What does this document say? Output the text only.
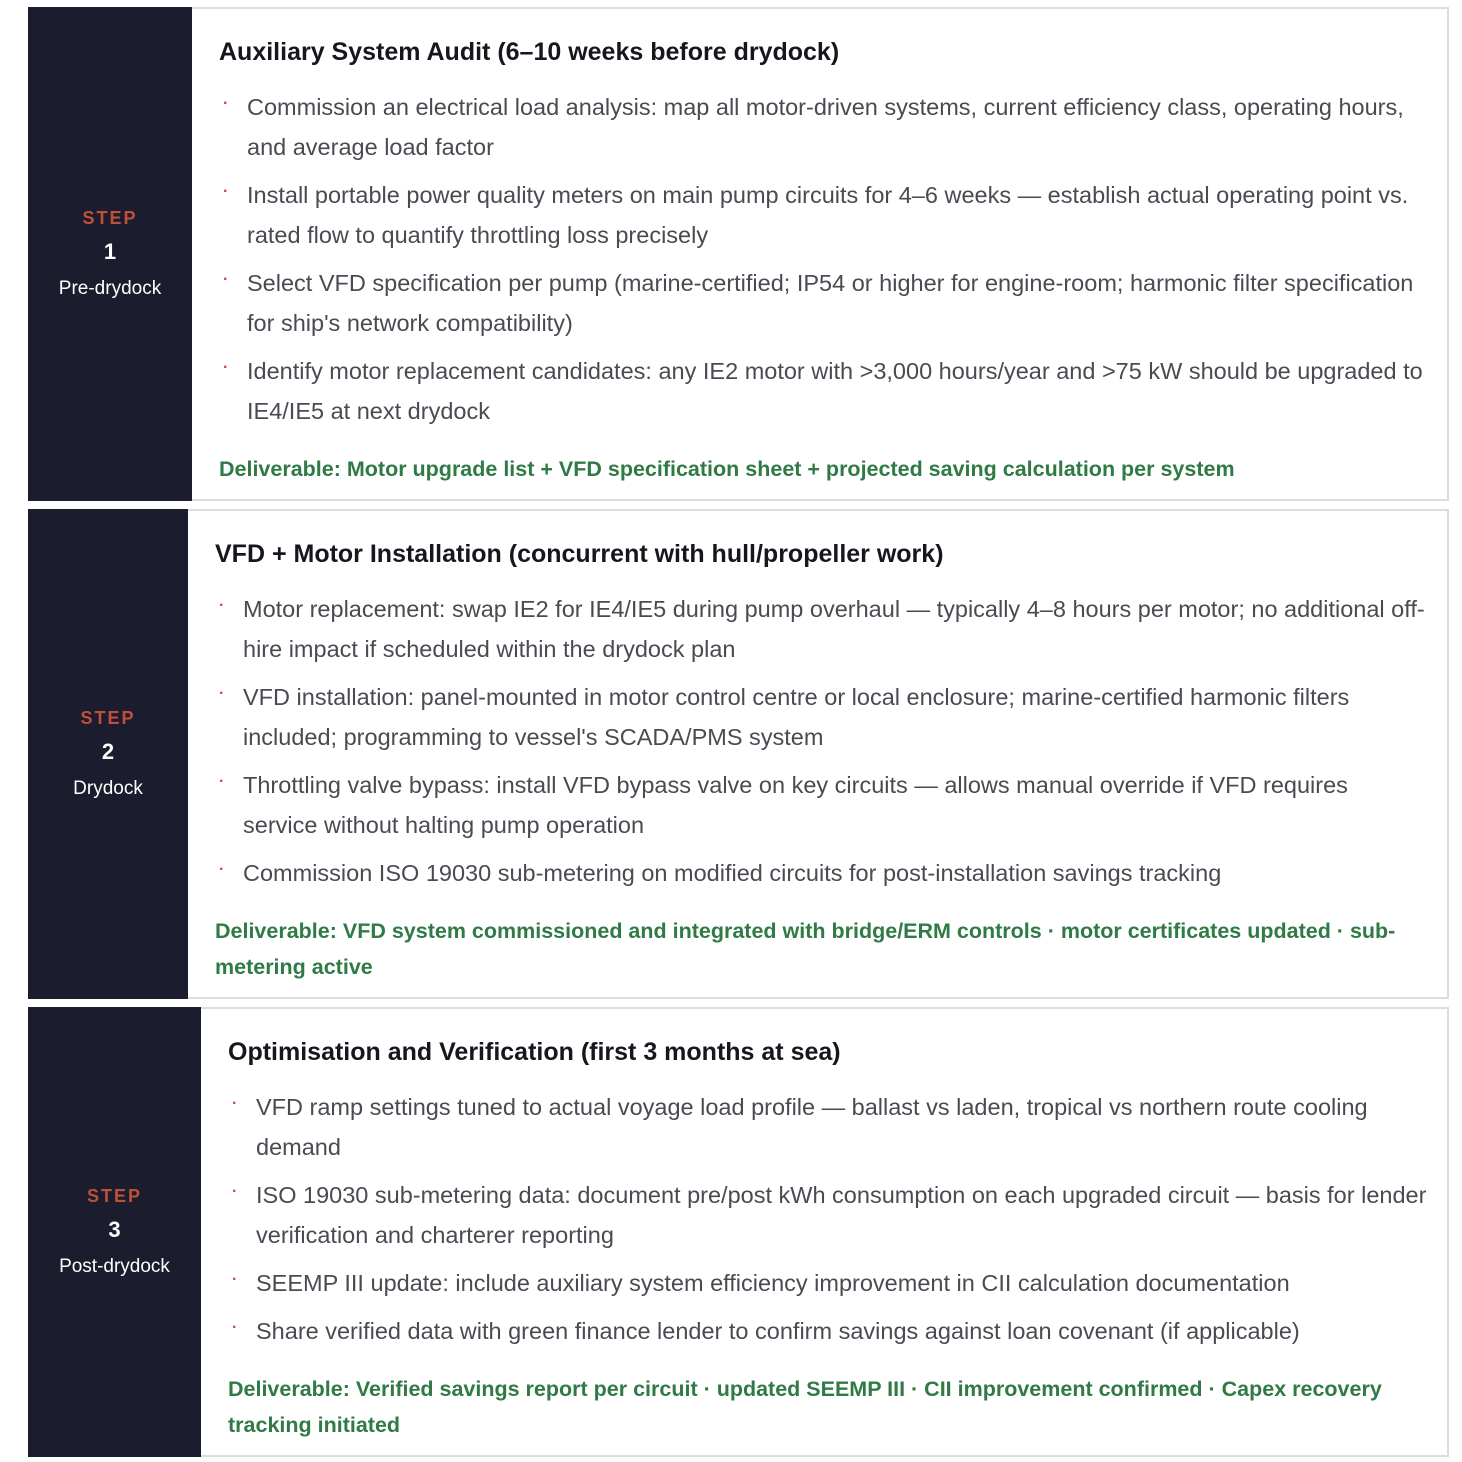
STEP
1
Pre-drydock
Auxiliary System Audit (6–10 weeks before drydock)
· Commission an electrical load analysis: map all motor-driven systems, current efficiency class, operating hours, and average load factor
· Install portable power quality meters on main pump circuits for 4–6 weeks — establish actual operating point vs. rated flow to quantify throttling loss precisely
· Select VFD specification per pump (marine-certified; IP54 or higher for engine-room; harmonic filter specification for ship's network compatibility)
· Identify motor replacement candidates: any IE2 motor with >3,000 hours/year and >75 kW should be upgraded to IE4/IE5 at next drydock
Deliverable: Motor upgrade list + VFD specification sheet + projected saving calculation per system
STEP
2
Drydock
VFD + Motor Installation (concurrent with hull/propeller work)
· Motor replacement: swap IE2 for IE4/IE5 during pump overhaul — typically 4–8 hours per motor; no additional off-hire impact if scheduled within the drydock plan
· VFD installation: panel-mounted in motor control centre or local enclosure; marine-certified harmonic filters included; programming to vessel's SCADA/PMS system
· Throttling valve bypass: install VFD bypass valve on key circuits — allows manual override if VFD requires service without halting pump operation
· Commission ISO 19030 sub-metering on modified circuits for post-installation savings tracking
Deliverable: VFD system commissioned and integrated with bridge/ERM controls · motor certificates updated · sub-metering active
STEP
3
Post-drydock
Optimisation and Verification (first 3 months at sea)
· VFD ramp settings tuned to actual voyage load profile — ballast vs laden, tropical vs northern route cooling demand
· ISO 19030 sub-metering data: document pre/post kWh consumption on each upgraded circuit — basis for lender verification and charterer reporting
· SEEMP III update: include auxiliary system efficiency improvement in CII calculation documentation
· Share verified data with green finance lender to confirm savings against loan covenant (if applicable)
Deliverable: Verified savings report per circuit · updated SEEMP III · CII improvement confirmed · Capex recovery tracking initiated
